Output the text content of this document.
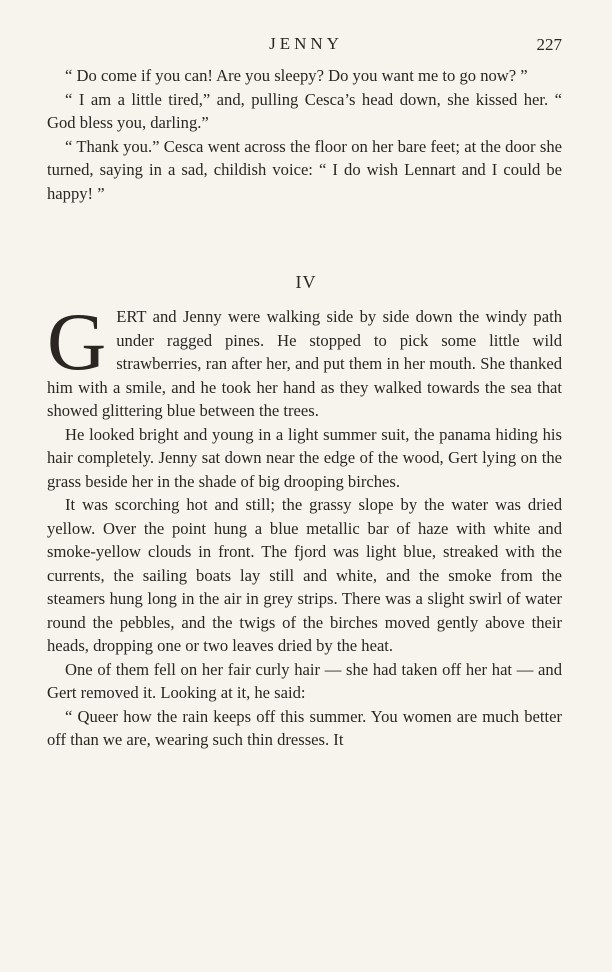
JENNY	227

“ Do come if you can! Are you sleepy? Do you want me to go now? ”

“ I am a little tired,” and, pulling Cesca’s head down, she kissed her. “ God bless you, darling.”

“ Thank you.” Cesca went across the floor on her bare feet; at the door she turned, saying in a sad, childish voice: “ I do wish Lennart and I could be happy! ”

IV

GERT and Jenny were walking side by side down the windy path under ragged pines. He stopped to pick some little wild strawberries, ran after her, and put them in her mouth. She thanked him with a smile, and he took her hand as they walked towards the sea that showed glittering blue between the trees.

He looked bright and young in a light summer suit, the panama hiding his hair completely. Jenny sat down near the edge of the wood, Gert lying on the grass beside her in the shade of big drooping birches.

It was scorching hot and still; the grassy slope by the water was dried yellow. Over the point hung a blue metallic bar of haze with white and smoke-yellow clouds in front. The fjord was light blue, streaked with the currents, the sailing boats lay still and white, and the smoke from the steamers hung long in the air in grey strips. There was a slight swirl of water round the pebbles, and the twigs of the birches moved gently above their heads, dropping one or two leaves dried by the heat.

One of them fell on her fair curly hair — she had taken off her hat — and Gert removed it. Looking at it, he said:

“ Queer how the rain keeps off this summer. You women are much better off than we are, wearing such thin dresses. It
